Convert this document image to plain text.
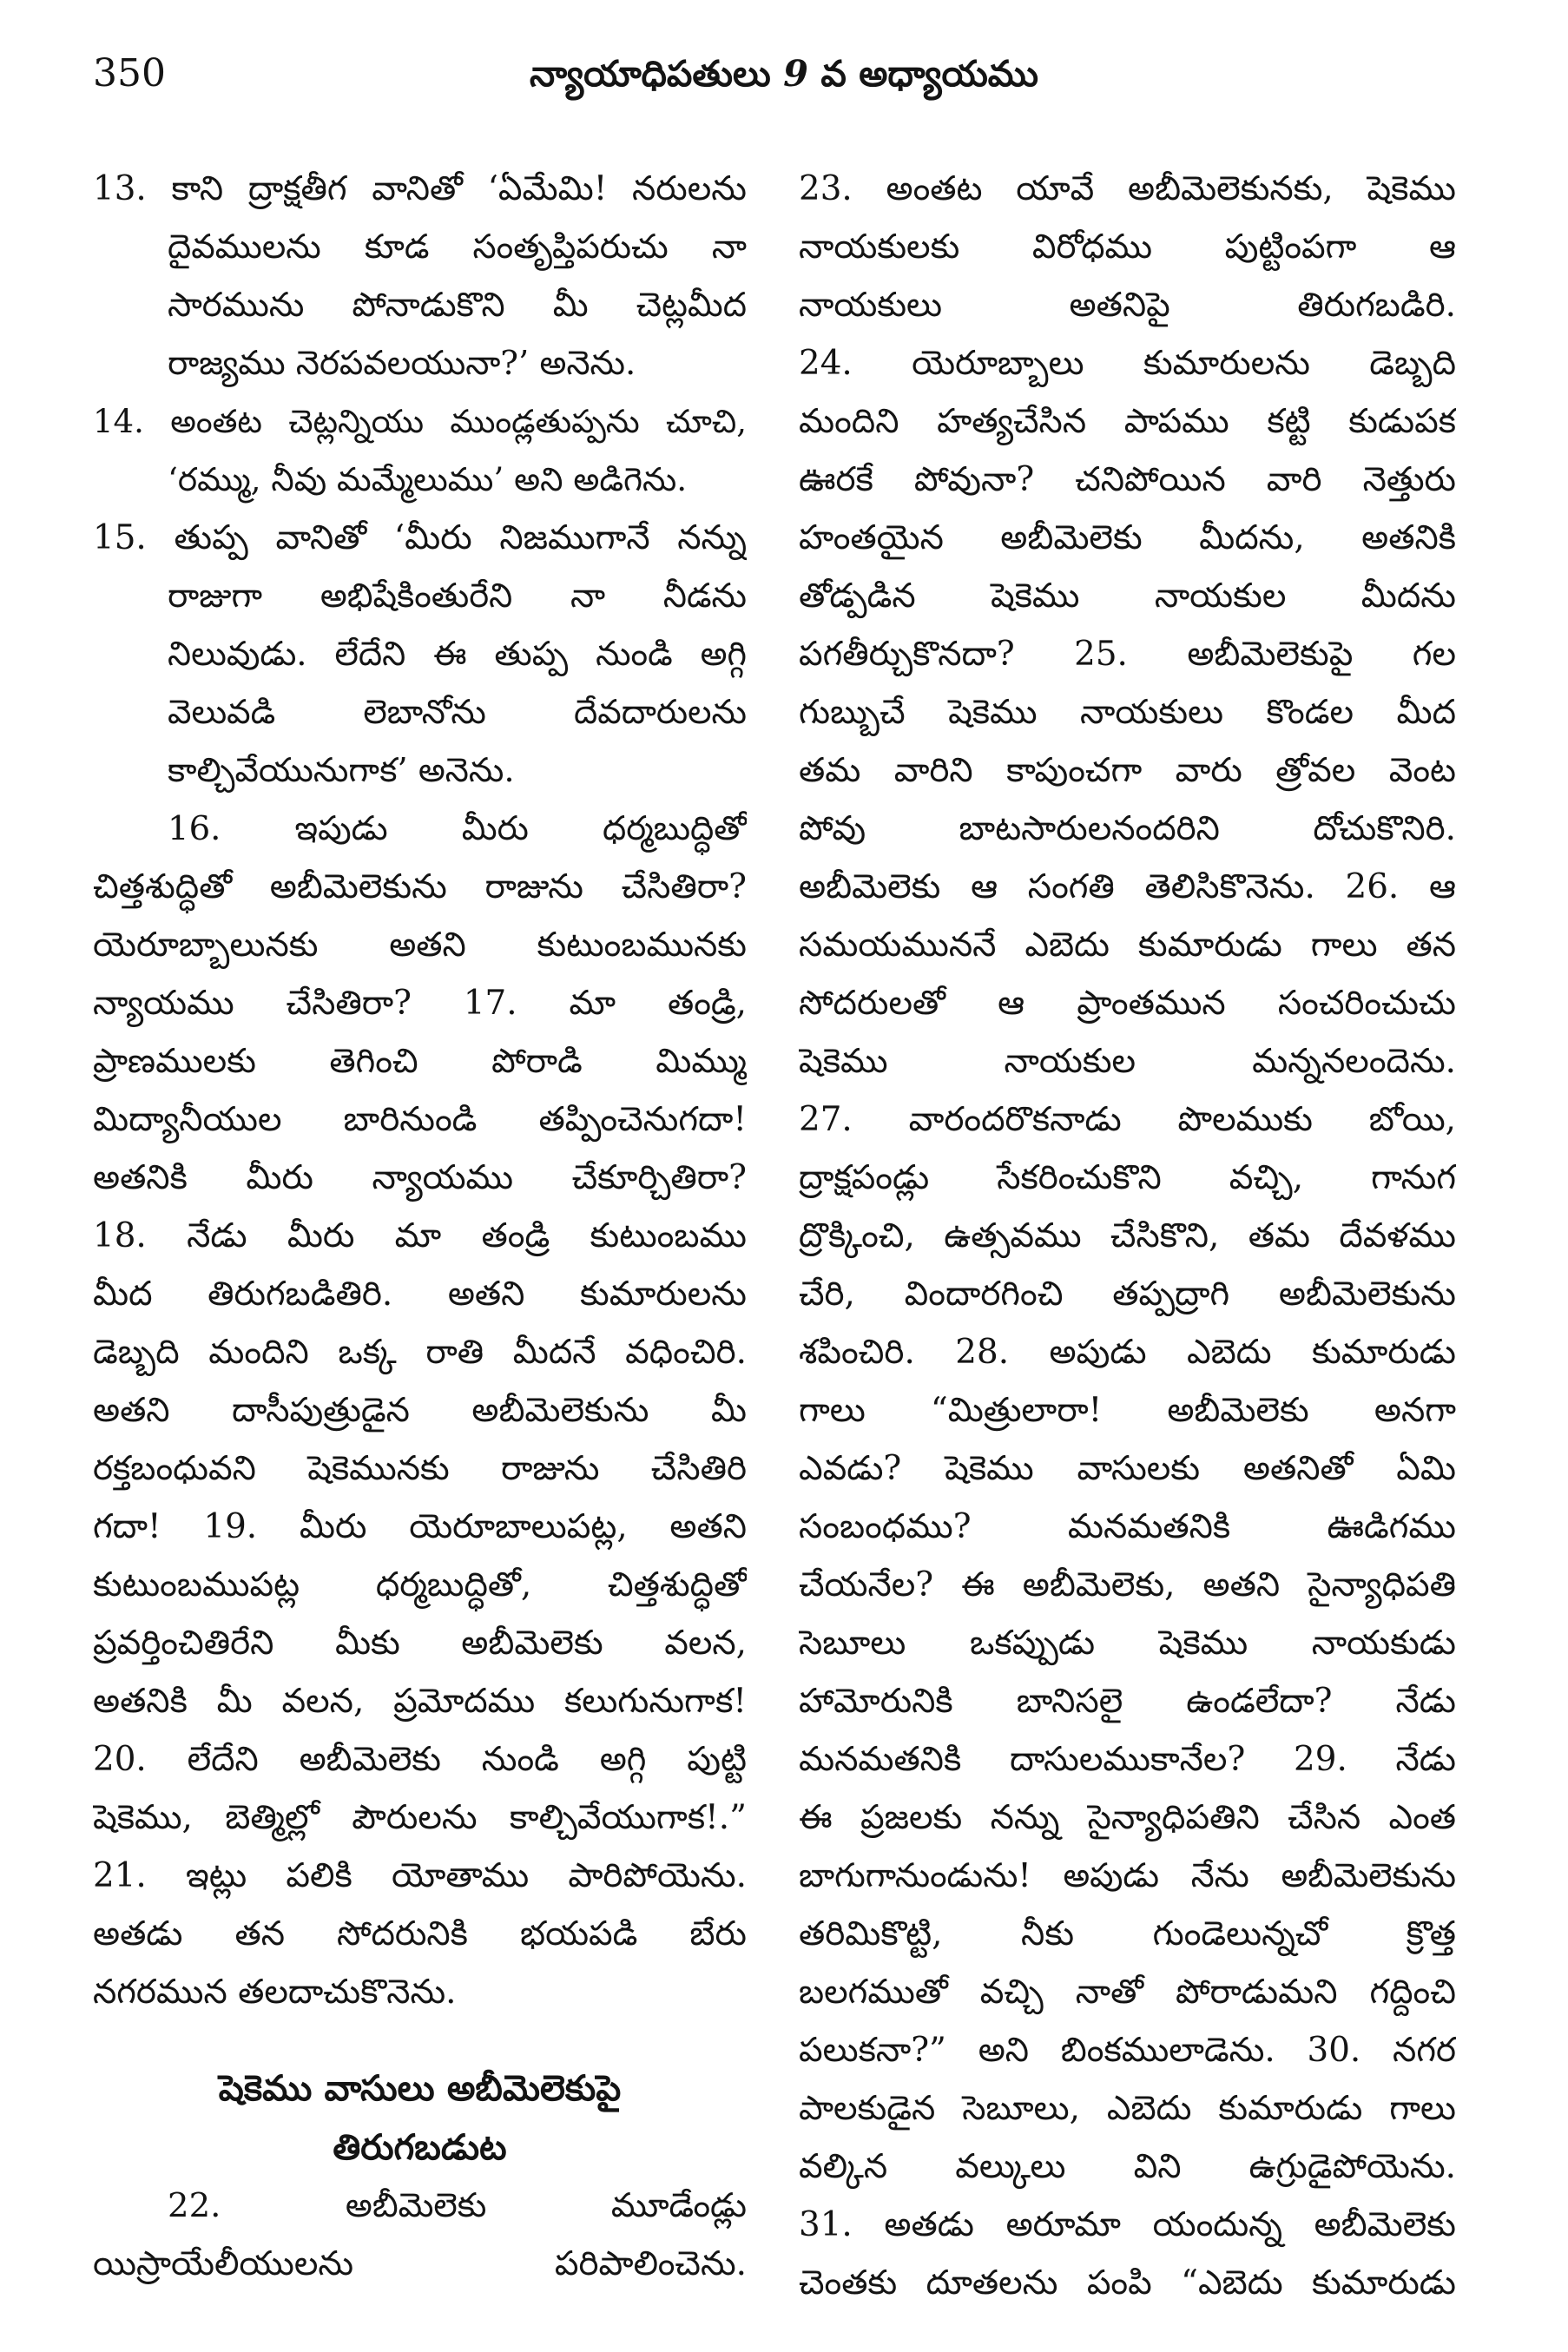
350	న్యాయాధిపతులు 9 వ అధ్యాయము
13. కాని ద్రాక్షతీగ వానితో ‘ఏమేమి! నరులను
దైవములను కూడ సంతృప్తిపరుచు నా
సారమును పోనాడుకొని మీ చెట్లమీద
రాజ్యము నెరపవలయునా?’ అనెను.
14. అంతట చెట్లన్నియు ముండ్లతుప్పను చూచి,
‘రమ్ము, నీవు మమ్మేలుము’ అని అడిగెను.
15. తుప్ప వానితో ‘మీరు నిజముగానే నన్ను
రాజుగా అభిషేకింతురేని నా నీడను
నిలువుడు. లేదేని ఈ తుప్ప నుండి అగ్గి
వెలువడి లెబానోను దేవదారులను
కాల్చివేయునుగాక’ అనెను.
16. ఇపుడు మీరు ధర్మబుద్ధితో
చిత్తశుద్ధితో అబీమెలెకును రాజును చేసితిరా?
యెరూబ్బాలునకు అతని కుటుంబమునకు
న్యాయము చేసితిరా? 17. మా తండ్రి,
ప్రాణములకు తెగించి పోరాడి మిమ్ము
మిద్యానీయుల బారినుండి తప్పించెనుగదా!
అతనికి మీరు న్యాయము చేకూర్చితిరా?
18. నేడు మీరు మా తండ్రి కుటుంబము
మీద తిరుగబడితిరి. అతని కుమారులను
డెబ్బది మందిని ఒక్క రాతి మీదనే వధించిరి.
అతని దాసీపుత్రుడైన అబీమెలెకును మీ
రక్తబంధువని షెకెమునకు రాజును చేసితిరి
గదా! 19. మీరు యెరూబాలుపట్ల, అతని
కుటుంబముపట్ల ధర్మబుద్ధితో, చిత్తశుద్ధితో
ప్రవర్తించితిరేని మీకు అబీమెలెకు వలన,
అతనికి మీ వలన, ప్రమోదము కలుగునుగాక!
20. లేదేని అబీమెలెకు నుండి అగ్గి పుట్టి
షెకెము, బెత్మిల్లో పౌరులను కాల్చివేయుగాక!.”
21. ఇట్లు పలికి యోతాము పారిపోయెను.
అతడు తన సోదరునికి భయపడి బేరు
నగరమున తలదాచుకొనెను.
షెకెము వాసులు అబీమెలెకుపై
తిరుగబడుట
22. అబీమెలెకు మూడేండ్లు
యిస్రాయేలీయులను పరిపాలించెను.
23. అంతట యావే అబీమెలెకునకు, షెకెము
నాయకులకు విరోధము పుట్టింపగా ఆ
నాయకులు అతనిపై తిరుగబడిరి.
24. యెరూబ్బాలు కుమారులను డెబ్బది
మందిని హత్యచేసిన పాపము కట్టి కుడుపక
ఊరకే పోవునా? చనిపోయిన వారి నెత్తురు
హంతయైన అబీమెలెకు మీదను, అతనికి
తోడ్పడిన షెకెము నాయకుల మీదను
పగతీర్చుకొనదా? 25. అబీమెలెకుపై గల
గుబ్బుచే షెకెము నాయకులు కొండల మీద
తమ వారిని కాపుంచగా వారు త్రోవల వెంట
పోవు బాటసారులనందరిని దోచుకొనిరి.
అబీమెలెకు ఆ సంగతి తెలిసికొనెను. 26. ఆ
సమయముననే ఎబెదు కుమారుడు గాలు తన
సోదరులతో ఆ ప్రాంతమున సంచరించుచు
షెకెము నాయకుల మన్ననలందెను.
27. వారందరొకనాడు పొలముకు బోయి,
ద్రాక్షపండ్లు సేకరించుకొని వచ్చి, గానుగ
ద్రొక్కించి, ఉత్సవము చేసికొని, తమ దేవళము
చేరి, విందారగించి తప్పద్రాగి అబీమెలెకును
శపించిరి. 28. అపుడు ఎబెదు కుమారుడు
గాలు “మిత్రులారా! అబీమెలెకు అనగా
ఎవడు? షెకెము వాసులకు అతనితో ఏమి
సంబంధము? మనమతనికి ఊడిగము
చేయనేల? ఈ అబీమెలెకు, అతని సైన్యాధిపతి
సెబూలు ఒకప్పుడు షెకెము నాయకుడు
హామోరునికి బానిసలై ఉండలేదా? నేడు
మనమతనికి దాసులముకానేల? 29. నేడు
ఈ ప్రజలకు నన్ను సైన్యాధిపతిని చేసిన ఎంత
బాగుగానుండును! అపుడు నేను అబీమెలెకును
తరిమికొట్టి, నీకు గుండెలున్నచో క్రొత్త
బలగముతో వచ్చి నాతో పోరాడుమని గద్దించి
పలుకనా?” అని బింకములాడెను. 30. నగర
పాలకుడైన సెబూలు, ఎబెదు కుమారుడు గాలు
వల్కిన వల్కులు విని ఉగ్రుడైపోయెను.
31. అతడు అరూమా యందున్న అబీమెలెకు
చెంతకు దూతలను పంపి “ఎబెదు కుమారుడు
